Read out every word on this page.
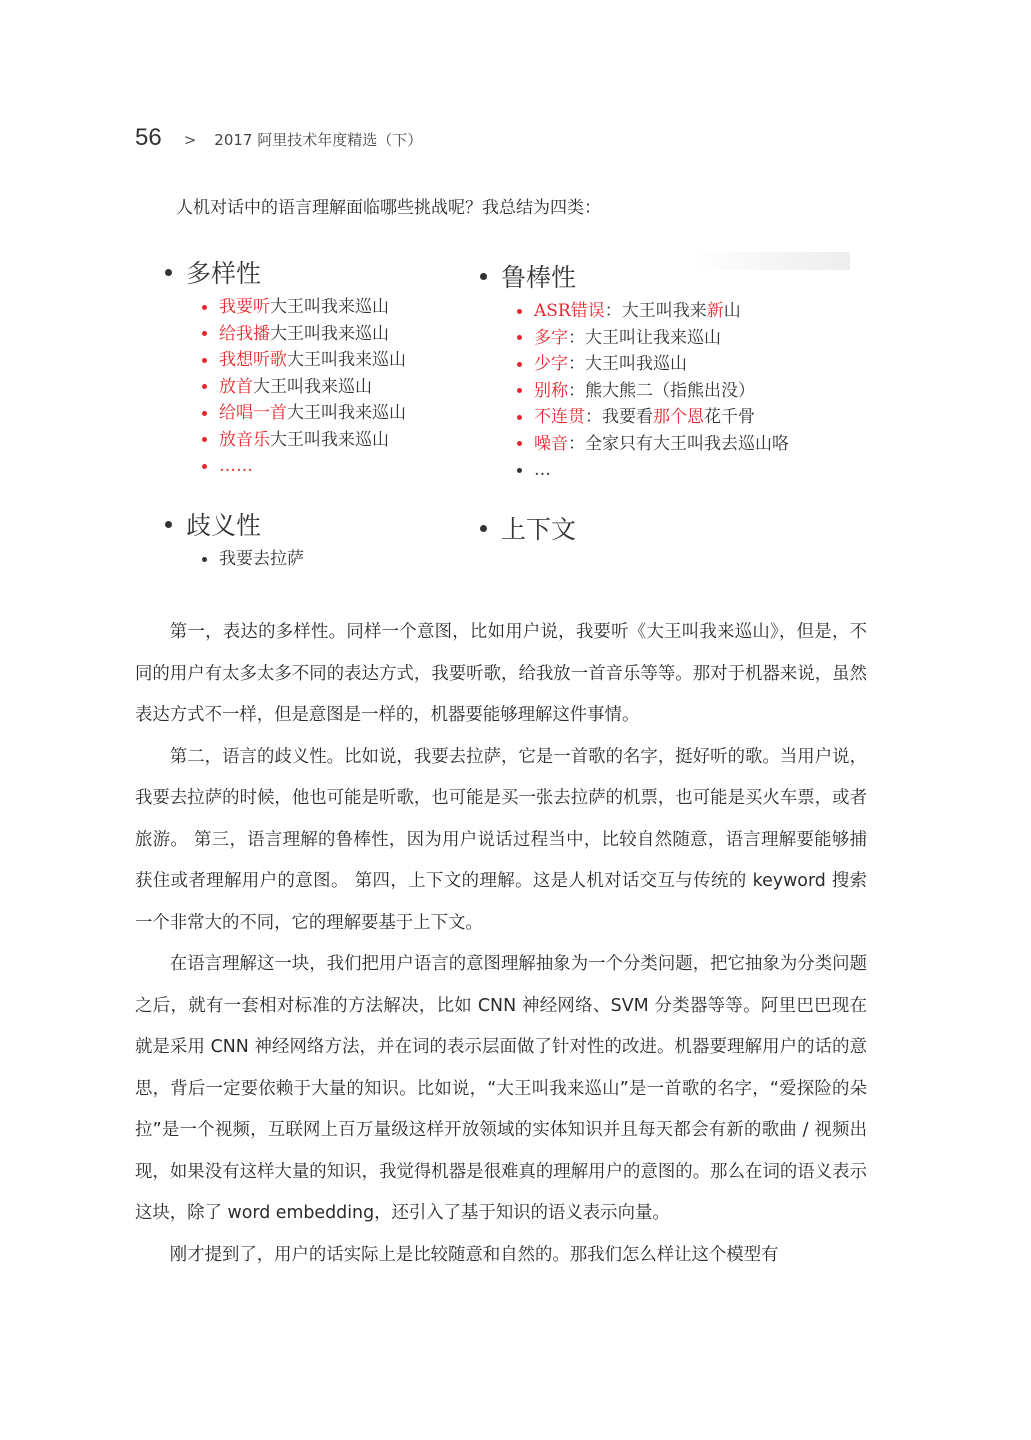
56 > 2017 阿里技术年度精选（下）
人机对话中的语言理解面临哪些挑战呢？我总结为四类：
多样性
我要听 大王叫我来巡山
给我播 大王叫我来巡山
我想听歌 大王叫我来巡山
放首 大王叫我来巡山
给唱一首 大王叫我来巡山
放音乐 大王叫我来巡山
……
鲁棒性
ASR错误 ：大王叫我来 新 山
多字 ：大王叫让我来巡山
少字 ：大王叫我巡山
别称 ：熊大熊二（指熊出没）
不连贯 ：我要看 那个恩 花千骨
噪音 ：全家只有大王叫我去巡山咯
…
歧义性
我要去拉萨
上下文

第一，表达的多样性。同样一个意图，比如用户说，我要听《大王叫我来巡山》，但是，不同的用户有太多太多不同的表达方式，我要听歌，给我放一首音乐等等。那对于机器来说，虽然表达方式不一样，但是意图是一样的，机器要能够理解这件事情。

第二，语言的歧义性。比如说，我要去拉萨，它是一首歌的名字，挺好听的歌。当用户说，我要去拉萨的时候，他也可能是听歌，也可能是买一张去拉萨的机票，也可能是买火车票，或者旅游。 第三，语言理解的鲁棒性，因为用户说话过程当中，比较自然随意，语言理解要能够捕获住或者理解用户的意图。 第四，上下文的理解。这是人机对话交互与传统的 keyword 搜索一个非常大的不同，它的理解要基于上下文。

在语言理解这一块，我们把用户语言的意图理解抽象为一个分类问题，把它抽象为分类问题之后，就有一套相对标准的方法解决，比如 CNN 神经网络、SVM 分类器等等。阿里巴巴现在就是采用 CNN 神经网络方法，并在词的表示层面做了针对性的改进。机器要理解用户的话的意思，背后一定要依赖于大量的知识。比如说，“大王叫我来巡山”是一首歌的名字，“爱探险的朵拉”是一个视频，互联网上百万量级这样开放领域的实体知识并且每天都会有新的歌曲 / 视频出现，如果没有这样大量的知识，我觉得机器是很难真的理解用户的意图的。那么在词的语义表示这块，除了 word embedding，还引入了基于知识的语义表示向量。

刚才提到了，用户的话实际上是比较随意和自然的。那我们怎么样让这个模型有
